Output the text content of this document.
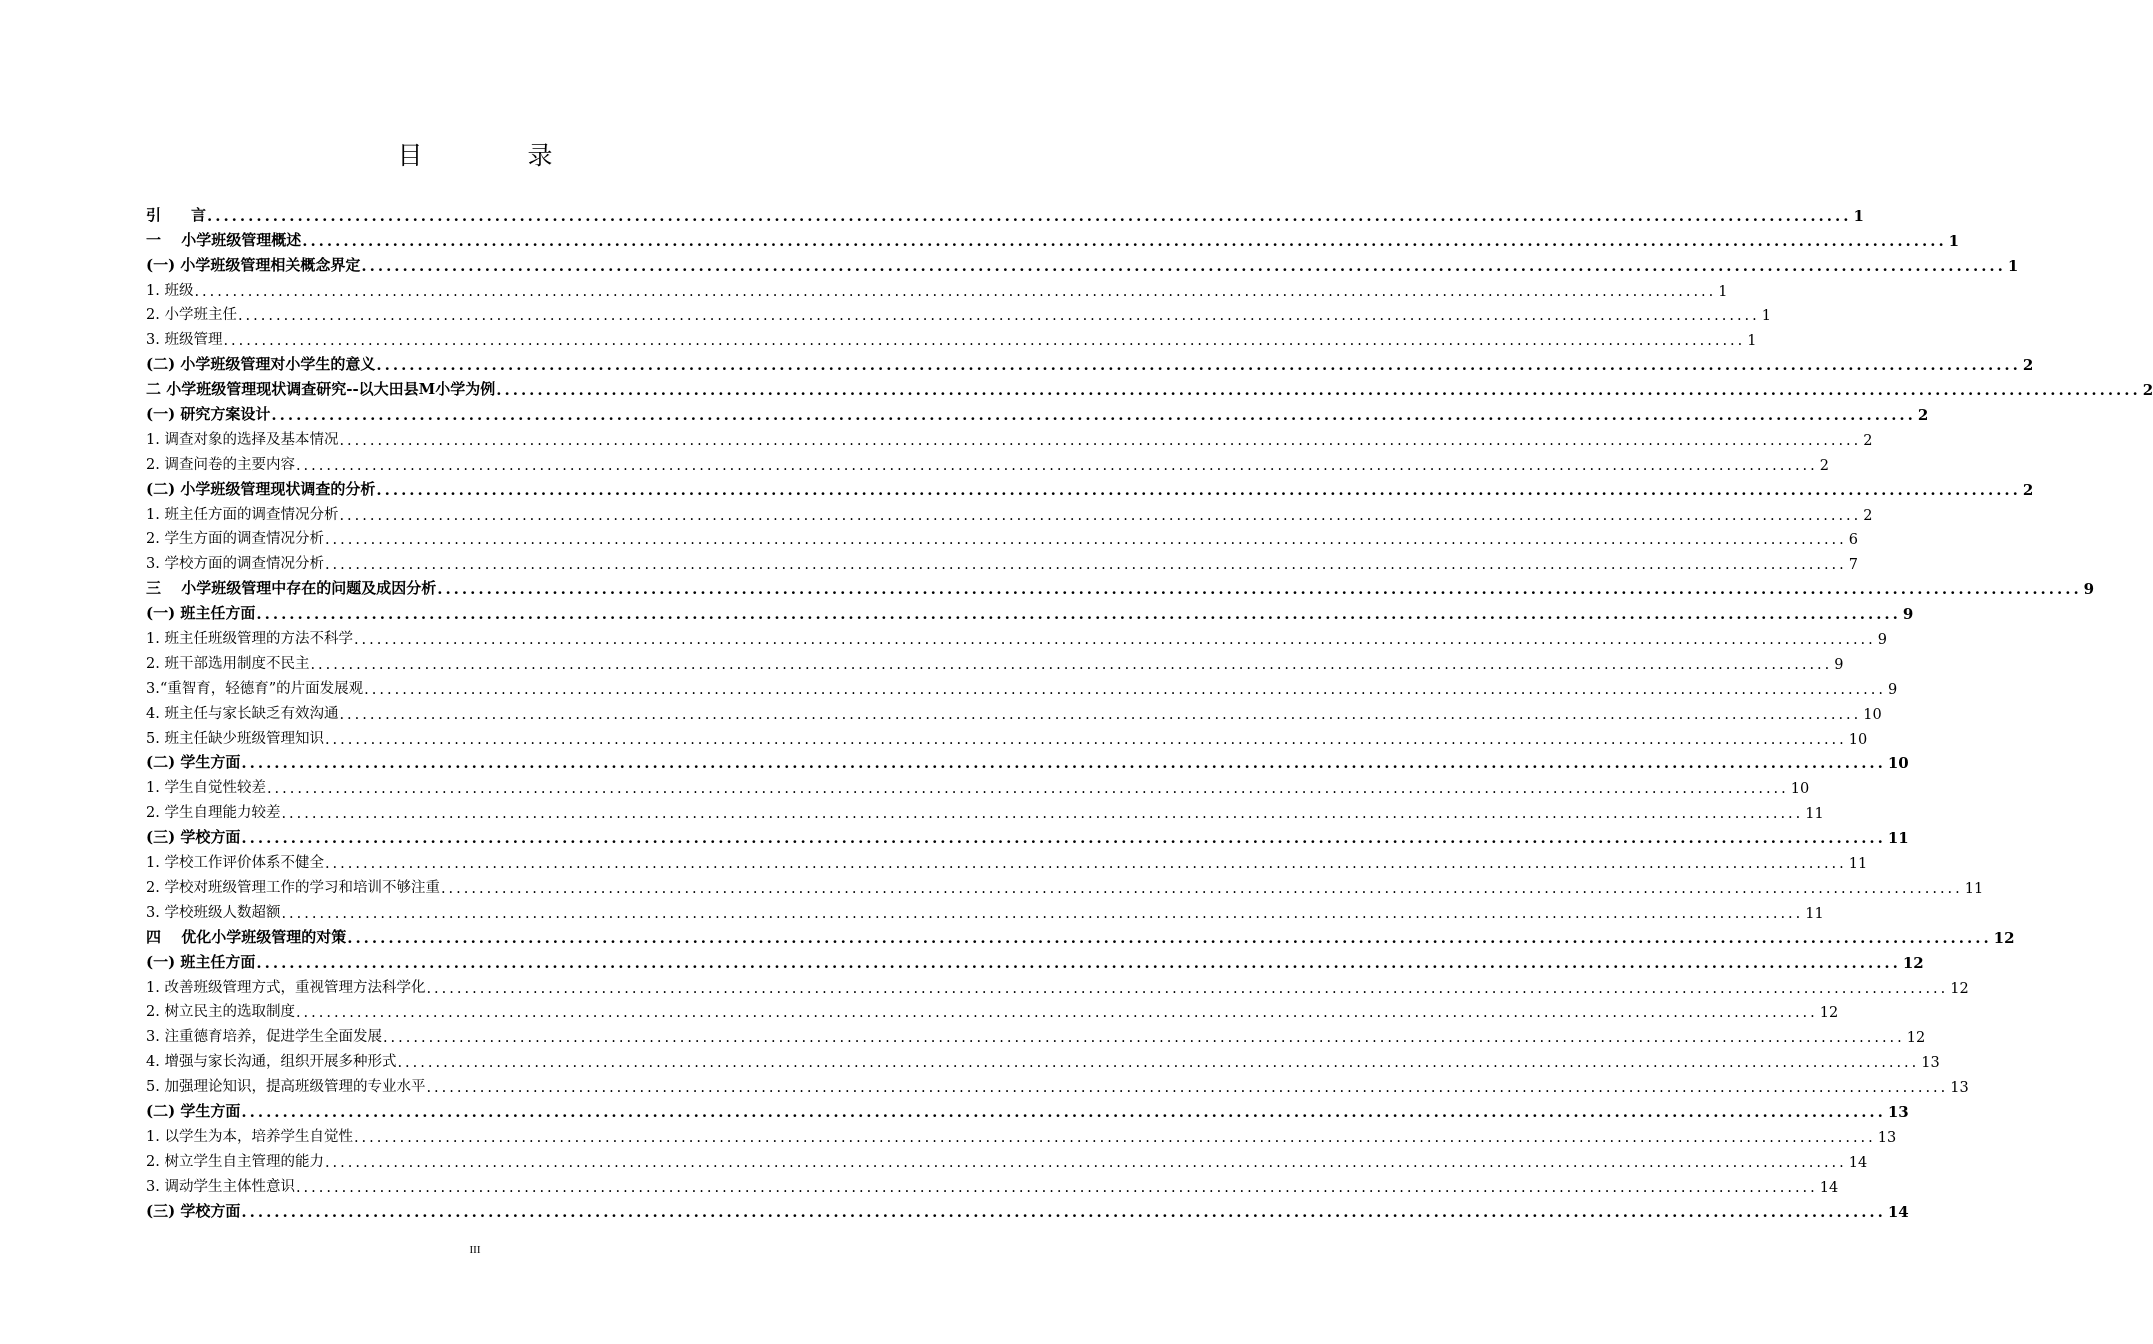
目　录
引　　言 ........................................................................................................................................................................................................ 1
一　 小学班级管理概述 ........................................................................................................................................................................................................ 1
(一) 小学班级管理相关概念界定 ........................................................................................................................................................................................................ 1
1. 班级 ........................................................................................................................................................................................................ 1
2. 小学班主任 ........................................................................................................................................................................................................ 1
3. 班级管理 ........................................................................................................................................................................................................ 1
(二) 小学班级管理对小学生的意义 ........................................................................................................................................................................................................ 2
二 小学班级管理现状调查研究--以大田县M小学为例 ........................................................................................................................................................................................................ 2
(一) 研究方案设计 ........................................................................................................................................................................................................ 2
1. 调查对象的选择及基本情况 ........................................................................................................................................................................................................ 2
2. 调查问卷的主要内容 ........................................................................................................................................................................................................ 2
(二) 小学班级管理现状调查的分析 ........................................................................................................................................................................................................ 2
1. 班主任方面的调查情况分析 ........................................................................................................................................................................................................ 2
2. 学生方面的调查情况分析 ........................................................................................................................................................................................................ 6
3. 学校方面的调查情况分析 ........................................................................................................................................................................................................ 7
三　 小学班级管理中存在的问题及成因分析 ........................................................................................................................................................................................................ 9
(一) 班主任方面 ........................................................................................................................................................................................................ 9
1. 班主任班级管理的方法不科学 ........................................................................................................................................................................................................ 9
2. 班干部选用制度不民主 ........................................................................................................................................................................................................ 9
3.“重智育，轻德育”的片面发展观 ........................................................................................................................................................................................................ 9
4. 班主任与家长缺乏有效沟通 ........................................................................................................................................................................................................ 10
5. 班主任缺少班级管理知识 ........................................................................................................................................................................................................ 10
(二) 学生方面 ........................................................................................................................................................................................................ 10
1. 学生自觉性较差 ........................................................................................................................................................................................................ 10
2. 学生自理能力较差 ........................................................................................................................................................................................................ 11
(三) 学校方面 ........................................................................................................................................................................................................ 11
1. 学校工作评价体系不健全 ........................................................................................................................................................................................................ 11
2. 学校对班级管理工作的学习和培训不够注重 ........................................................................................................................................................................................................ 11
3. 学校班级人数超额 ........................................................................................................................................................................................................ 11
四　 优化小学班级管理的对策 ........................................................................................................................................................................................................ 12
(一) 班主任方面 ........................................................................................................................................................................................................ 12
1. 改善班级管理方式，重视管理方法科学化 ........................................................................................................................................................................................................ 12
2. 树立民主的选取制度 ........................................................................................................................................................................................................ 12
3. 注重德育培养，促进学生全面发展 ........................................................................................................................................................................................................ 12
4. 增强与家长沟通，组织开展多种形式 ........................................................................................................................................................................................................ 13
5. 加强理论知识，提高班级管理的专业水平 ........................................................................................................................................................................................................ 13
(二) 学生方面 ........................................................................................................................................................................................................ 13
1. 以学生为本，培养学生自觉性 ........................................................................................................................................................................................................ 13
2. 树立学生自主管理的能力 ........................................................................................................................................................................................................ 14
3. 调动学生主体性意识 ........................................................................................................................................................................................................ 14
(三) 学校方面 ........................................................................................................................................................................................................ 14
III
